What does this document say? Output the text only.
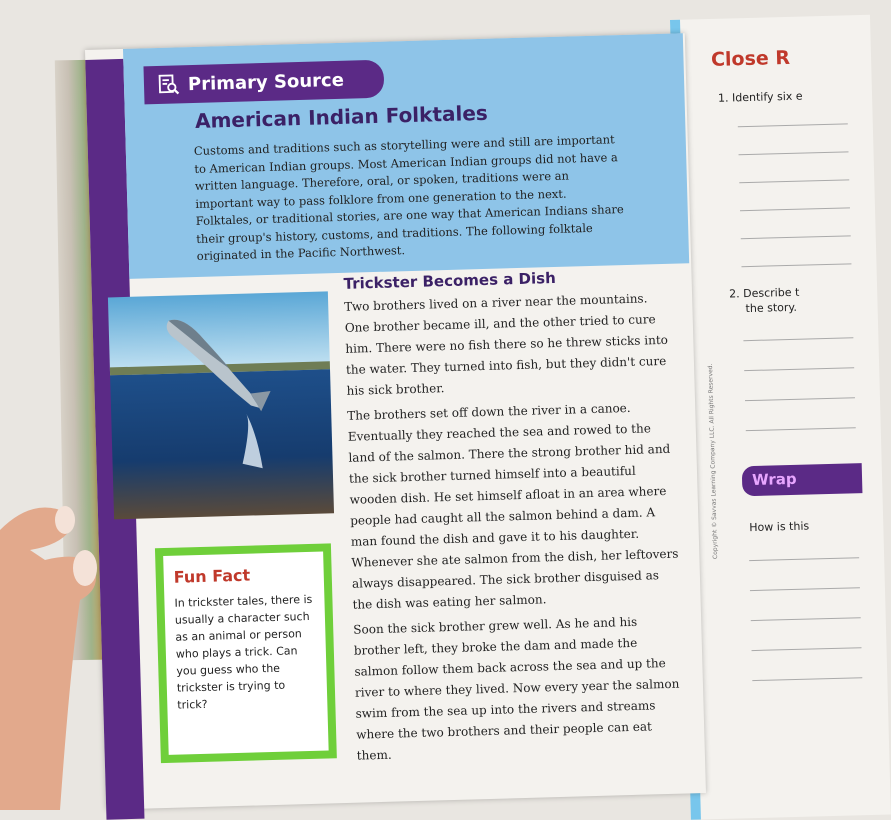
Close R
1. Identify six e
2. Describe t
the story.
Wrap
How is this
Copyright © Savvas Learning Company LLC. All Rights Reserved.
Primary Source
American Indian Folktales
Customs and traditions such as storytelling were and still are important to American Indian groups. Most American Indian groups did not have a written language. Therefore, oral, or spoken, traditions were an important way to pass folklore from one generation to the next. Folktales, or traditional stories, are one way that American Indians share their group's history, customs, and traditions. The following folktale originated in the Pacific Northwest.
Fun Fact
In trickster tales, there is usually a character such as an animal or person who plays a trick. Can you guess who the trickster is trying to trick?
Trickster Becomes a Dish

Two brothers lived on a river near the mountains. One brother became ill, and the other tried to cure him. There were no fish there so he threw sticks into the water. They turned into fish, but they didn't cure his sick brother.

The brothers set off down the river in a canoe. Eventually they reached the sea and rowed to the land of the salmon. There the strong brother hid and the sick brother turned himself into a beautiful wooden dish. He set himself afloat in an area where people had caught all the salmon behind a dam. A man found the dish and gave it to his daughter. Whenever she ate salmon from the dish, her leftovers always disappeared. The sick brother disguised as the dish was eating her salmon.

Soon the sick brother grew well. As he and his brother left, they broke the dam and made the salmon follow them back across the sea and up the river to where they lived. Now every year the salmon swim from the sea up into the rivers and streams where the two brothers and their people can eat them.
